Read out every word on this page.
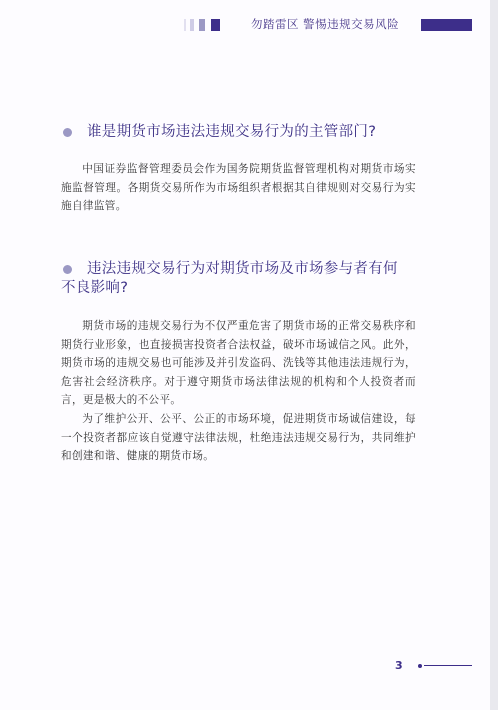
勿踏雷区 警惕违规交易风险
谁是期货市场违法违规交易行为的主管部门?

中国证券监督管理委员会作为国务院期货监督管理机构对期货市场实施监督管理。各期货交易所作为市场组织者根据其自律规则对交易行为实施自律监管。

违法违规交易行为对期货市场及市场参与者有何
不良影响?

期货市场的违规交易行为不仅严重危害了期货市场的正常交易秩序和期货行业形象，也直接损害投资者合法权益，破坏市场诚信之风。此外，期货市场的违规交易也可能涉及并引发盗码、洗钱等其他违法违规行为，危害社会经济秩序。对于遵守期货市场法律法规的机构和个人投资者而言，更是极大的不公平。

为了维护公开、公平、公正的市场环境，促进期货市场诚信建设，每一个投资者都应该自觉遵守法律法规，杜绝违法违规交易行为，共同维护和创建和谐、健康的期货市场。

3
